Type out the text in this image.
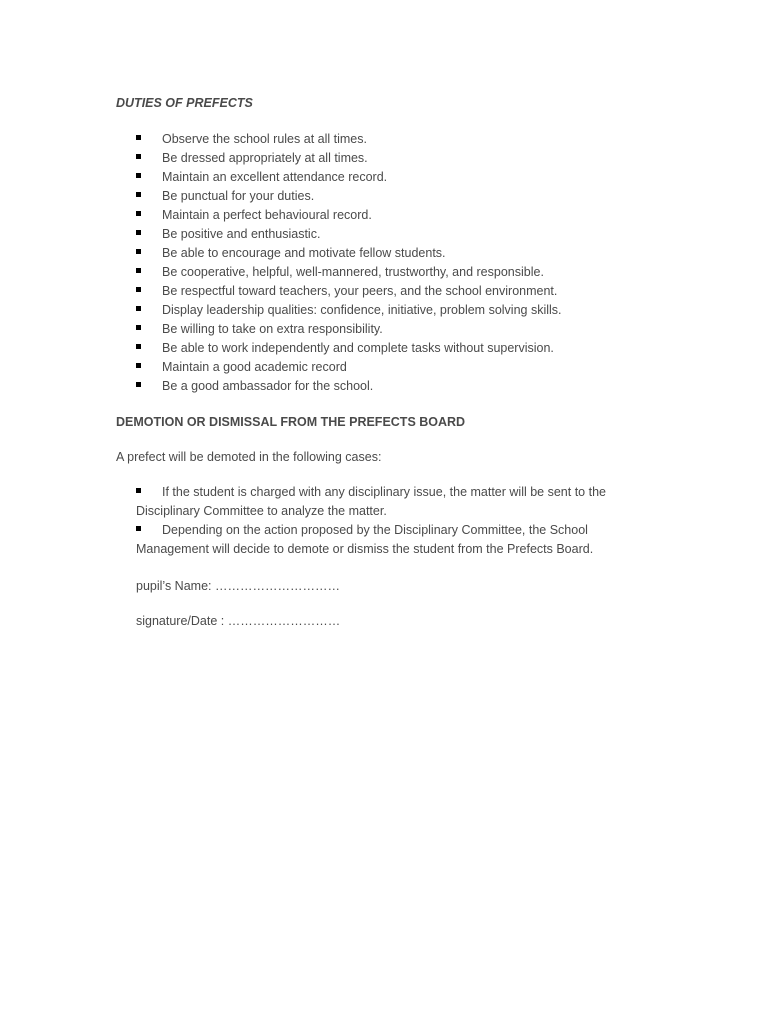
DUTIES OF PREFECTS
Observe the school rules at all times.
Be dressed appropriately at all times.
Maintain an excellent attendance record.
Be punctual for your duties.
Maintain a perfect behavioural record.
Be positive and enthusiastic.
Be able to encourage and motivate fellow students.
Be cooperative, helpful, well-mannered, trustworthy, and responsible.
Be respectful toward teachers, your peers, and the school environment.
Display leadership qualities: confidence, initiative, problem solving skills.
Be willing to take on extra responsibility.
Be able to work independently and complete tasks without supervision.
Maintain a good academic record
Be a good ambassador for the school.
DEMOTION OR DISMISSAL FROM THE PREFECTS BOARD
A prefect will be demoted in the following cases:
If the student is charged with any disciplinary issue, the matter will be sent to the Disciplinary Committee to analyze the matter.
Depending on the action proposed by the Disciplinary Committee, the School Management will decide to demote or dismiss the student from the Prefects Board.
pupil’s Name: …………………………
signature/Date : ………………………
